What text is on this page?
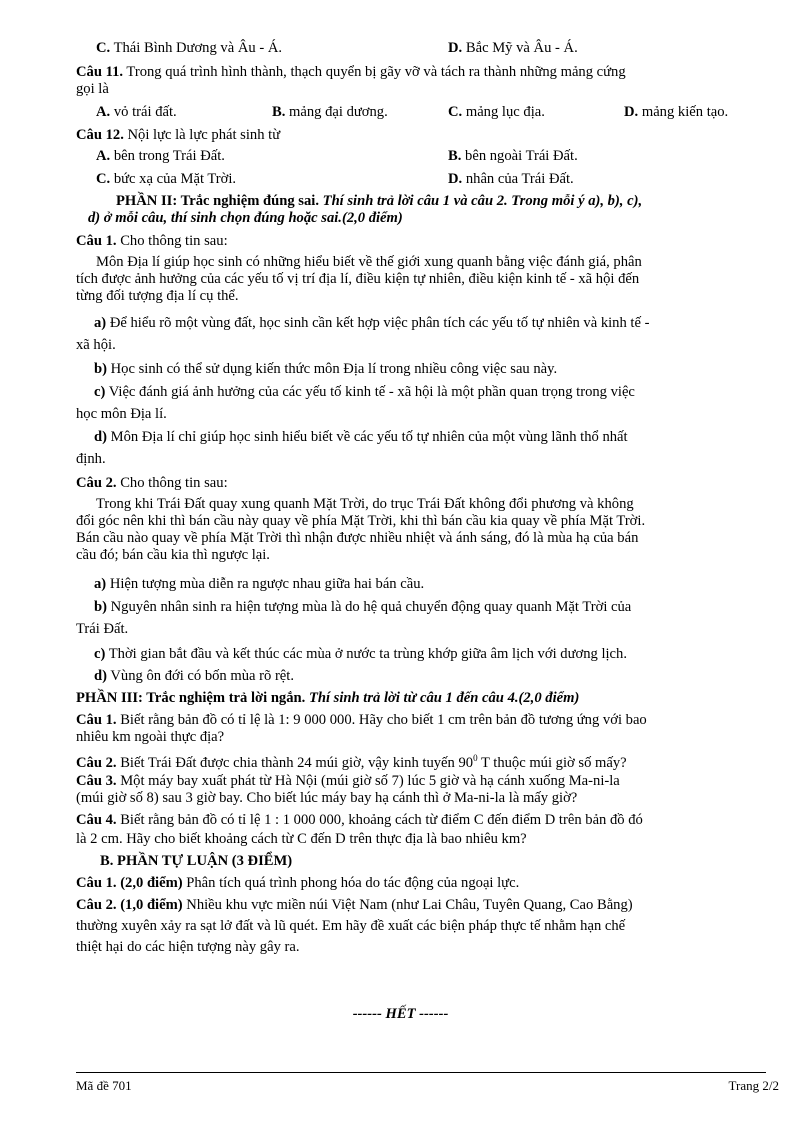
C. Thái Bình Dương và Âu - Á.	D. Bắc Mỹ và Âu - Á.
Câu 11. Trong quá trình hình thành, thạch quyển bị gãy vỡ và tách ra thành những mảng cứng
gọi là
A. vỏ trái đất.	B. mảng đại dương.	C. mảng lục địa.	D. mảng kiến tạo.
Câu 12. Nội lực là lực phát sinh từ
A. bên trong Trái Đất.	B. bên ngoài Trái Đất.
C. bức xạ của Mặt Trời.	D. nhân của Trái Đất.
PHẦN II: Trắc nghiệm đúng sai. Thí sinh trả lời câu 1 và câu 2. Trong mỗi ý a), b), c),
d) ở mỗi câu, thí sinh chọn đúng hoặc sai.(2,0 điểm)
Câu 1. Cho thông tin sau:
Môn Địa lí giúp học sinh có những hiểu biết về thế giới xung quanh bằng việc đánh giá, phân
tích được ảnh hưởng của các yếu tố vị trí địa lí, điều kiện tự nhiên, điều kiện kinh tế - xã hội đến
từng đối tượng địa lí cụ thể.
a) Để hiểu rõ một vùng đất, học sinh cần kết hợp việc phân tích các yếu tố tự nhiên và kinh tế -
xã hội.
b) Học sinh có thể sử dụng kiến thức môn Địa lí trong nhiều công việc sau này.
c) Việc đánh giá ảnh hưởng của các yếu tố kinh tế - xã hội là một phần quan trọng trong việc
học môn Địa lí.
d) Môn Địa lí chỉ giúp học sinh hiểu biết về các yếu tố tự nhiên của một vùng lãnh thổ nhất
định.
Câu 2. Cho thông tin sau:
Trong khi Trái Đất quay xung quanh Mặt Trời, do trục Trái Đất không đổi phương và không
đổi góc nên khi thì bán cầu này quay về phía Mặt Trời, khi thì bán cầu kia quay về phía Mặt Trời.
Bán cầu nào quay về phía Mặt Trời thì nhận được nhiều nhiệt và ánh sáng, đó là mùa hạ của bán
cầu đó; bán cầu kia thì ngược lại.
a) Hiện tượng mùa diễn ra ngược nhau giữa hai bán cầu.
b) Nguyên nhân sinh ra hiện tượng mùa là do hệ quả chuyển động quay quanh Mặt Trời của
Trái Đất.
c) Thời gian bắt đầu và kết thúc các mùa ở nước ta trùng khớp giữa âm lịch với dương lịch.
d) Vùng ôn đới có bốn mùa rõ rệt.
PHẦN III: Trắc nghiệm trả lời ngắn. Thí sinh trả lời từ câu 1 đến câu 4.(2,0 điểm)
Câu 1. Biết rằng bản đồ có tỉ lệ là 1: 9 000 000. Hãy cho biết 1 cm trên bản đồ tương ứng với bao
nhiêu km ngoài thực địa?
Câu 2. Biết Trái Đất được chia thành 24 múi giờ, vậy kinh tuyến $90^0$ T thuộc múi giờ số mấy?
Câu 3. Một máy bay xuất phát từ Hà Nội (múi giờ số 7) lúc 5 giờ và hạ cánh xuống Ma-ni-la
(múi giờ số 8) sau 3 giờ bay. Cho biết lúc máy bay hạ cánh thì ở Ma-ni-la là mấy giờ?
Câu 4. Biết rằng bản đồ có tỉ lệ 1 : 1 000 000, khoảng cách từ điểm C đến điểm D trên bản đồ đó
là 2 cm. Hãy cho biết khoảng cách từ C đến D trên thực địa là bao nhiêu km?
B. PHẦN TỰ LUẬN (3 ĐIỂM)
Câu 1. (2,0 điểm) Phân tích quá trình phong hóa do tác động của ngoại lực.
Câu 2. (1,0 điểm) Nhiều khu vực miền núi Việt Nam (như Lai Châu, Tuyên Quang, Cao Bằng)
thường xuyên xảy ra sạt lở đất và lũ quét. Em hãy đề xuất các biện pháp thực tế nhằm hạn chế
thiệt hại do các hiện tượng này gây ra.
------ HẾT ------
Mã đề 701	Trang 2/2
